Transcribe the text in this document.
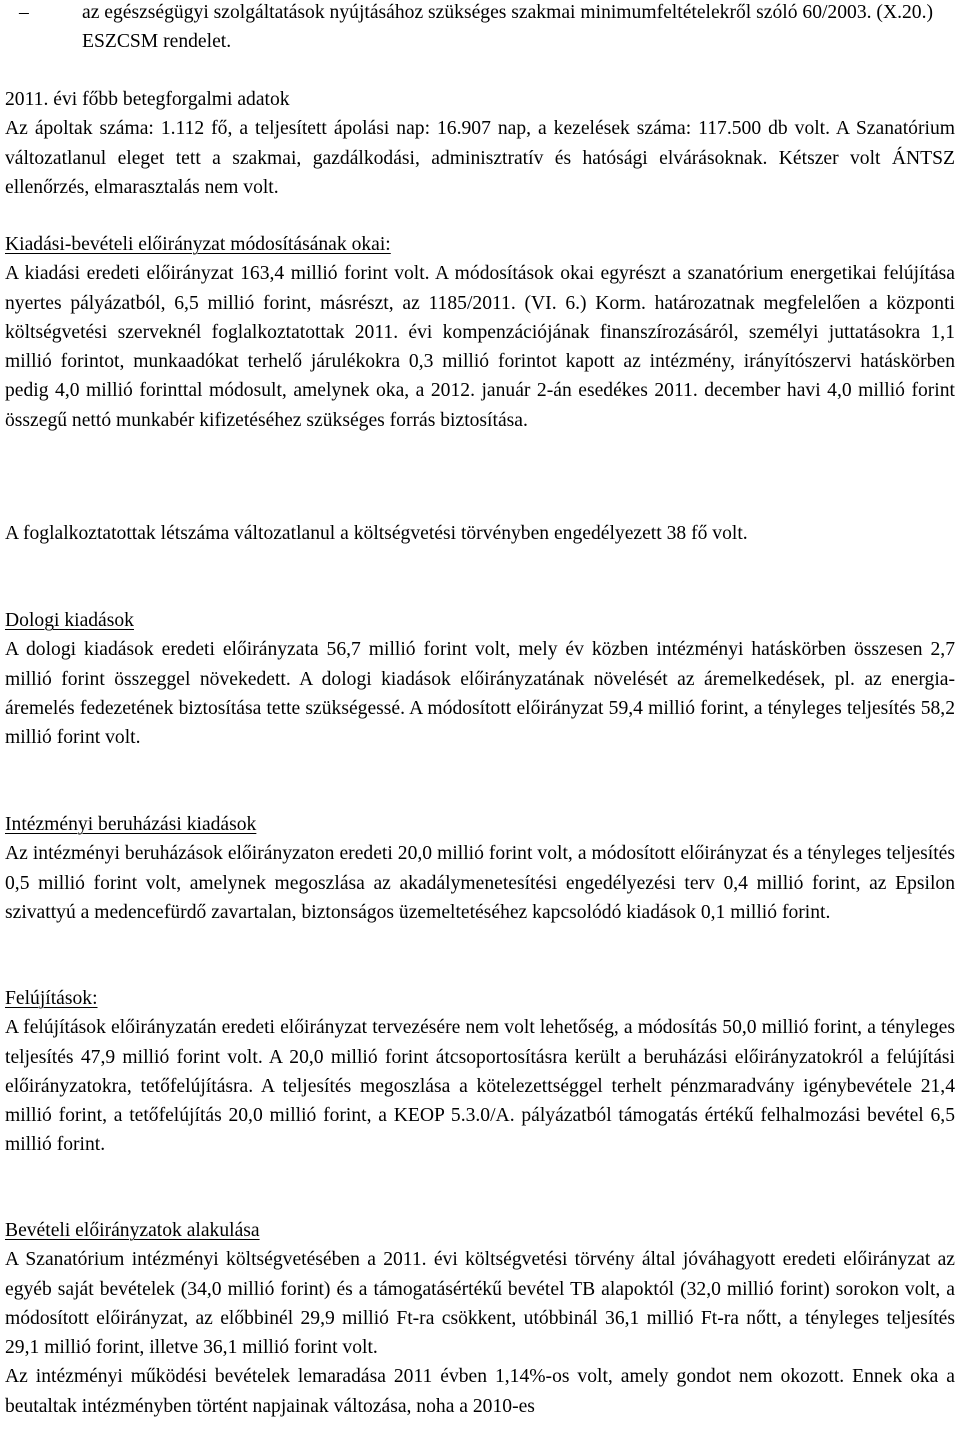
–	az egészségügyi szolgáltatások nyújtásához szükséges szakmai minimumfeltételekről szóló 60/2003. (X.20.) ESZCSM rendelet.

2011. évi főbb betegforgalmi adatok

Az ápoltak száma: 1.112 fő, a teljesített ápolási nap: 16.907 nap, a kezelések száma: 117.500 db volt. A Szanatórium változatlanul eleget tett a szakmai, gazdálkodási, adminisztratív és hatósági elvárásoknak. Kétszer volt ÁNTSZ ellenőrzés, elmarasztalás nem volt.

Kiadási-bevételi előirányzat módosításának okai:

A kiadási eredeti előirányzat 163,4 millió forint volt. A módosítások okai egyrészt a szanatórium energetikai felújítása nyertes pályázatból, 6,5 millió forint, másrészt, az 1185/2011. (VI. 6.) Korm. határozatnak megfelelően a központi költségvetési szerveknél foglalkoztatottak 2011. évi kompenzációjának finanszírozásáról, személyi juttatásokra 1,1 millió forintot, munkaadókat terhelő járulékokra 0,3 millió forintot kapott az intézmény, irányítószervi hatáskörben pedig 4,0 millió forinttal módosult, amelynek oka, a 2012. január 2-án esedékes 2011. december havi 4,0 millió forint összegű nettó munkabér kifizetéséhez szükséges forrás biztosítása.

A foglalkoztatottak létszáma változatlanul a költségvetési törvényben engedélyezett 38 fő volt.

Dologi kiadások

A dologi kiadások eredeti előirányzata 56,7 millió forint volt, mely év közben intézményi hatáskörben összesen 2,7 millió forint összeggel növekedett. A dologi kiadások előirányzatának növelését az áremelkedések, pl. az energia-áremelés fedezetének biztosítása tette szükségessé. A módosított előirányzat 59,4 millió forint, a tényleges teljesítés 58,2 millió forint volt.

Intézményi beruházási kiadások

Az intézményi beruházások előirányzaton eredeti 20,0 millió forint volt, a módosított előirányzat és a tényleges teljesítés 0,5 millió forint volt, amelynek megoszlása az akadálymenetesítési engedélyezési terv 0,4 millió forint, az Epsilon szivattyú a medencefürdő zavartalan, biztonságos üzemeltetéséhez kapcsolódó kiadások 0,1 millió forint.

Felújítások:

A felújítások előirányzatán eredeti előirányzat tervezésére nem volt lehetőség, a módosítás 50,0 millió forint, a tényleges teljesítés 47,9 millió forint volt. A 20,0 millió forint átcsoportosításra került a beruházási előirányzatokról a felújítási előirányzatokra, tetőfelújításra. A teljesítés megoszlása a kötelezettséggel terhelt pénzmaradvány igénybevétele 21,4 millió forint, a tetőfelújítás 20,0 millió forint, a KEOP 5.3.0/A. pályázatból támogatás értékű felhalmozási bevétel 6,5 millió forint.

Bevételi előirányzatok alakulása

A Szanatórium intézményi költségvetésében a 2011. évi költségvetési törvény által jóváhagyott eredeti előirányzat az egyéb saját bevételek (34,0 millió forint) és a támogatásértékű bevétel TB alapoktól (32,0 millió forint) sorokon volt, a módosított előirányzat, az előbbinél 29,9 millió Ft-ra csökkent, utóbbinál 36,1 millió Ft-ra nőtt, a tényleges teljesítés 29,1 millió forint, illetve 36,1 millió forint volt.

Az intézményi működési bevételek lemaradása 2011 évben 1,14%-os volt, amely gondot nem okozott. Ennek oka a beutaltak intézményben történt napjainak változása, noha a 2010-es
